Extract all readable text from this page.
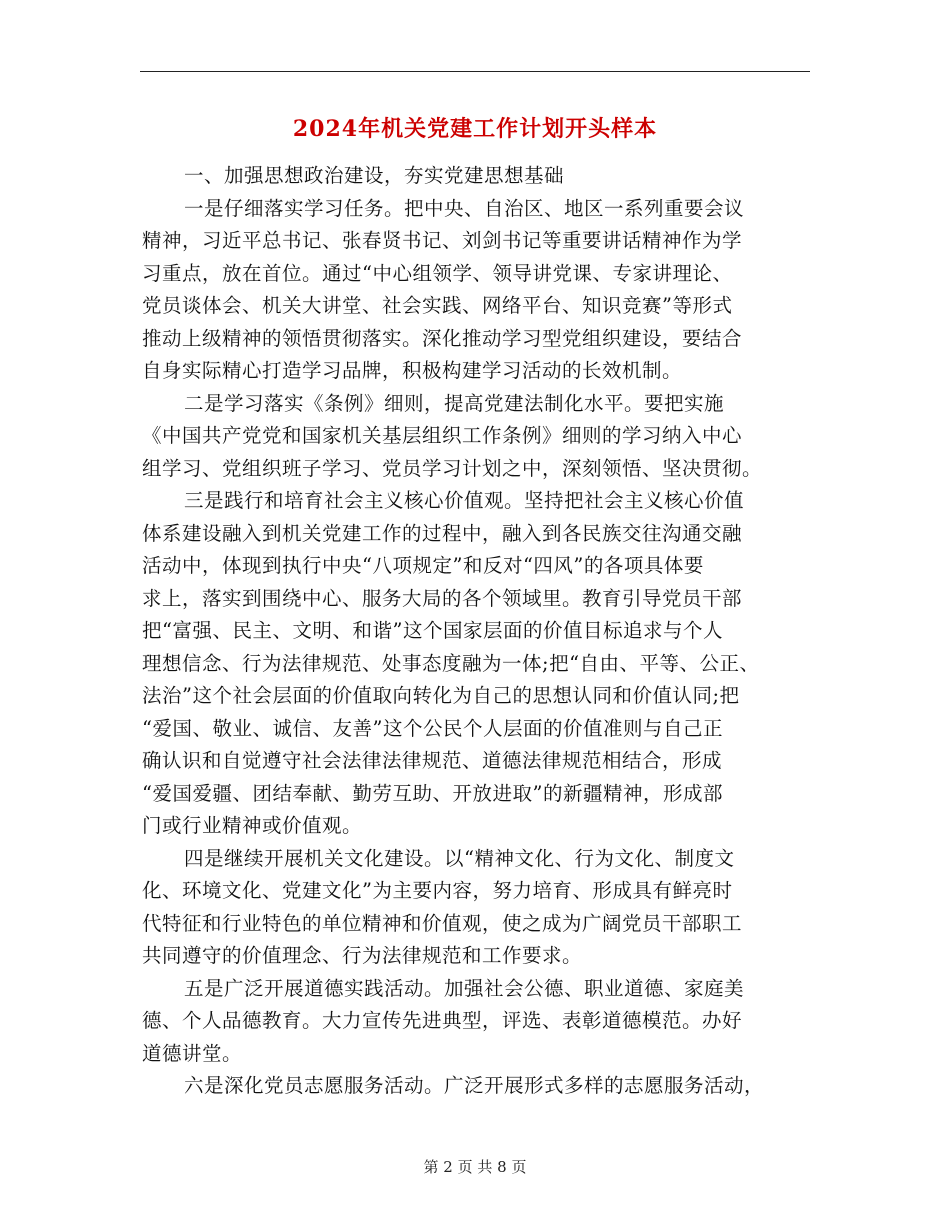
2024年机关党建工作计划开头样本
一、加强思想政治建设，夯实党建思想基础
一是仔细落实学习任务。把中央、自治区、地区一系列重要会议
精神，习近平总书记、张春贤书记、刘剑书记等重要讲话精神作为学
习重点，放在首位。通过“中心组领学、领导讲党课、专家讲理论、
党员谈体会、机关大讲堂、社会实践、网络平台、知识竞赛”等形式
推动上级精神的领悟贯彻落实。深化推动学习型党组织建设，要结合
自身实际精心打造学习品牌，积极构建学习活动的长效机制。
二是学习落实《条例》细则，提高党建法制化水平。要把实施
《中国共产党党和国家机关基层组织工作条例》细则的学习纳入中心
组学习、党组织班子学习、党员学习计划之中，深刻领悟、坚决贯彻。
三是践行和培育社会主义核心价值观。坚持把社会主义核心价值
体系建设融入到机关党建工作的过程中，融入到各民族交往沟通交融
活动中，体现到执行中央“八项规定”和反对“四风”的各项具体要
求上，落实到围绕中心、服务大局的各个领域里。教育引导党员干部
把“富强、民主、文明、和谐”这个国家层面的价值目标追求与个人
理想信念、行为法律规范、处事态度融为一体;把“自由、平等、公正、
法治”这个社会层面的价值取向转化为自己的思想认同和价值认同;把
“爱国、敬业、诚信、友善”这个公民个人层面的价值准则与自己正
确认识和自觉遵守社会法律法律规范、道德法律规范相结合，形成
“爱国爱疆、团结奉献、勤劳互助、开放进取”的新疆精神，形成部
门或行业精神或价值观。
四是继续开展机关文化建设。以“精神文化、行为文化、制度文
化、环境文化、党建文化”为主要内容，努力培育、形成具有鲜亮时
代特征和行业特色的单位精神和价值观，使之成为广阔党员干部职工
共同遵守的价值理念、行为法律规范和工作要求。
五是广泛开展道德实践活动。加强社会公德、职业道德、家庭美
德、个人品德教育。大力宣传先进典型，评选、表彰道德模范。办好
道德讲堂。
六是深化党员志愿服务活动。广泛开展形式多样的志愿服务活动，
第 2 页 共 8 页
